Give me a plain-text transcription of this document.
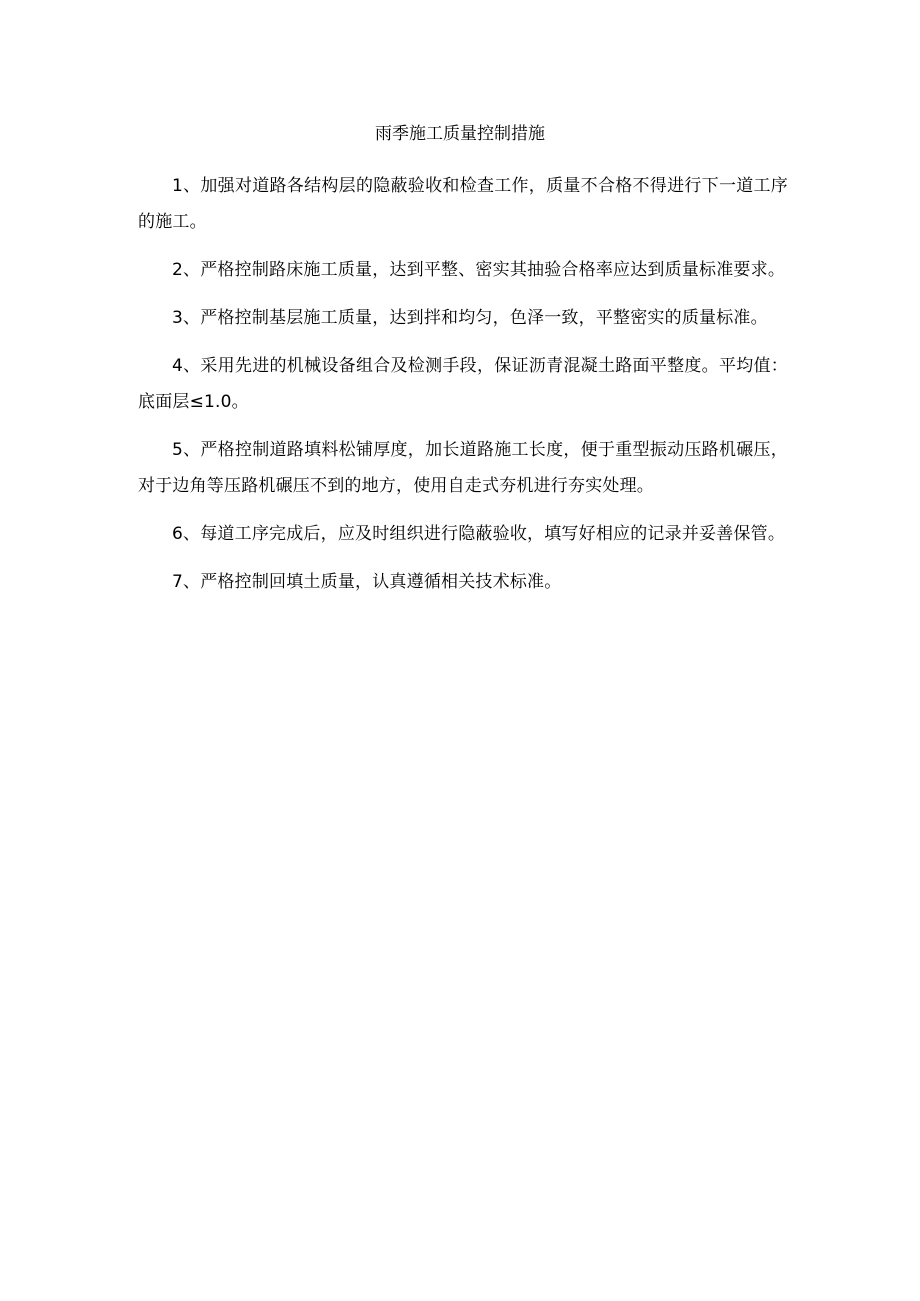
雨季施工质量控制措施

1、加强对道路各结构层的隐蔽验收和检查工作，质量不合格不得进行下一道工序的施工。

2、严格控制路床施工质量，达到平整、密实其抽验合格率应达到质量标准要求。

3、严格控制基层施工质量，达到拌和均匀，色泽一致，平整密实的质量标准。

4、采用先进的机械设备组合及检测手段，保证沥青混凝土路面平整度。平均值：底面层≤1.0。

5、严格控制道路填料松铺厚度，加长道路施工长度，便于重型振动压路机碾压，对于边角等压路机碾压不到的地方，使用自走式夯机进行夯实处理。

6、每道工序完成后，应及时组织进行隐蔽验收，填写好相应的记录并妥善保管。

7、严格控制回填土质量，认真遵循相关技术标准。
